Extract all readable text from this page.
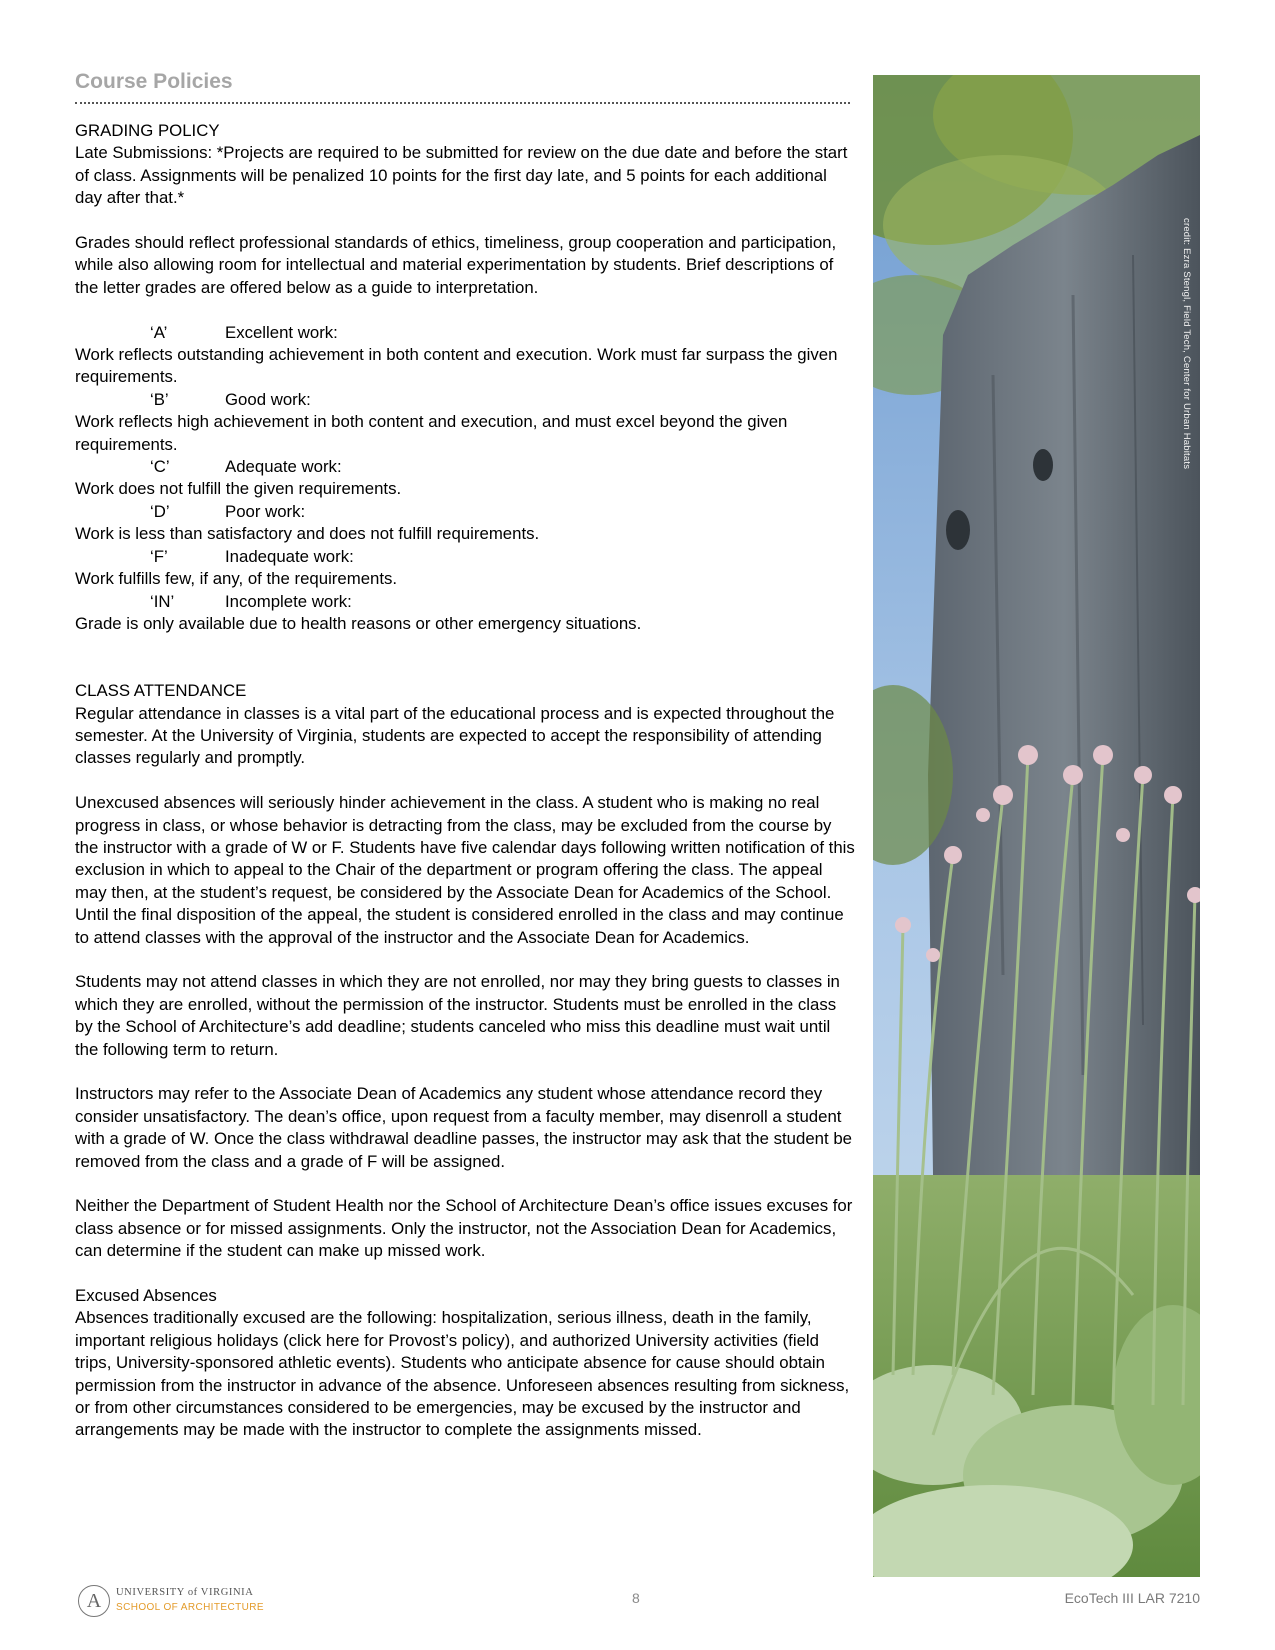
Course Policies

GRADING POLICY

Late Submissions: *Projects are required to be submitted for review on the due date and before the start of class. Assignments will be penalized 10 points for the first day late, and 5 points for each additional day after that.*

Grades should reflect professional standards of ethics, timeliness, group cooperation and participation, while also allowing room for intellectual and material experimentation by students. Brief descriptions of the letter grades are offered below as a guide to interpretation.

‘A’	Excellent work:

Work reflects outstanding achievement in both content and execution. Work must far surpass the given requirements.

‘B’	Good work:

Work reflects high achievement in both content and execution, and must excel beyond the given requirements.

‘C’	Adequate work:

Work does not fulfill the given requirements.

‘D’	Poor work:

Work is less than satisfactory and does not fulfill requirements.

‘F’	Inadequate work:

Work fulfills few, if any, of the requirements.

‘IN’	Incomplete work:

Grade is only available due to health reasons or other emergency situations.

CLASS ATTENDANCE

Regular attendance in classes is a vital part of the educational process and is expected throughout the semester. At the University of Virginia, students are expected to accept the responsibility of attending classes regularly and promptly.

Unexcused absences will seriously hinder achievement in the class. A student who is making no real progress in class, or whose behavior is detracting from the class, may be excluded from the course by the instructor with a grade of W or F. Students have five calendar days following written notification of this exclusion in which to appeal to the Chair of the department or program offering the class. The appeal may then, at the student’s request, be considered by the Associate Dean for Academics of the School. Until the final disposition of the appeal, the student is considered enrolled in the class and may continue to attend classes with the approval of the instructor and the Associate Dean for Academics.

Students may not attend classes in which they are not enrolled, nor may they bring guests to classes in which they are enrolled, without the permission of the instructor. Students must be enrolled in the class by the School of Architecture’s add deadline; students canceled who miss this deadline must wait until the following term to return.

Instructors may refer to the Associate Dean of Academics any student whose attendance record they consider unsatisfactory. The dean’s office, upon request from a faculty member, may disenroll a student with a grade of W. Once the class withdrawal deadline passes, the instructor may ask that the student be removed from the class and a grade of F will be assigned.

Neither the Department of Student Health nor the School of Architecture Dean’s office issues excuses for class absence or for missed assignments. Only the instructor, not the Association Dean for Academics, can determine if the student can make up missed work.

Excused Absences

Absences traditionally excused are the following: hospitalization, serious illness, death in the family, important religious holidays (click here for Provost’s policy), and authorized University activities (field trips, University-sponsored athletic events). Students who anticipate absence for cause should obtain permission from the instructor in advance of the absence. Unforeseen absences resulting from sickness, or from other circumstances considered to be emergencies, may be excused by the instructor and arrangements may be made with the instructor to complete the assignments missed.

credit: Ezra Stengl, Field Tech, Center for Urban Habitats
A	UNIVERSITY of VIRGINIA
SCHOOL OF ARCHITECTURE
8	EcoTech III LAR 7210
